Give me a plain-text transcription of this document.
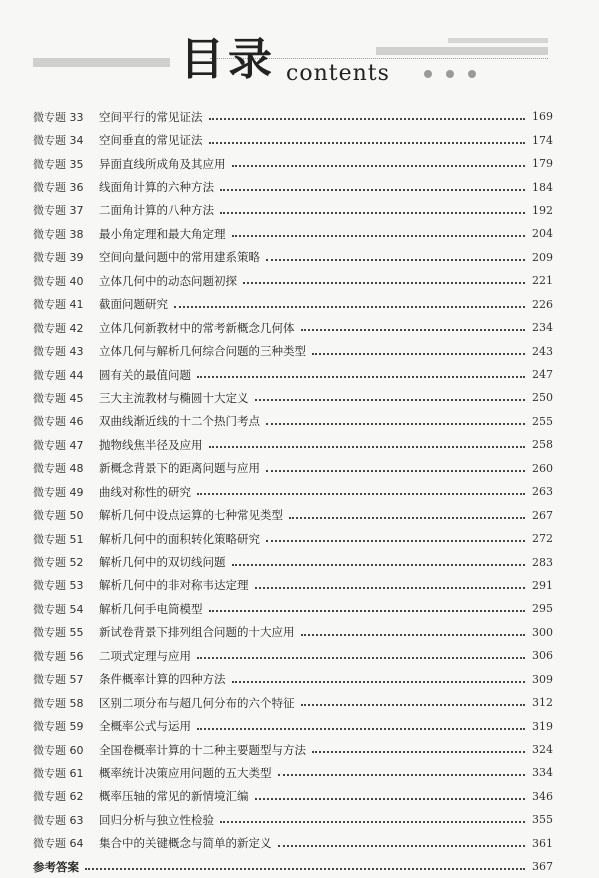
目录 contents
微专题 33	空间平行的常见证法	169
微专题 34	空间垂直的常见证法	174
微专题 35	异面直线所成角及其应用	179
微专题 36	线面角计算的六种方法	184
微专题 37	二面角计算的八种方法	192
微专题 38	最小角定理和最大角定理	204
微专题 39	空间向量问题中的常用建系策略	209
微专题 40	立体几何中的动态问题初探	221
微专题 41	截面问题研究	226
微专题 42	立体几何新教材中的常考新概念几何体	234
微专题 43	立体几何与解析几何综合问题的三种类型	243
微专题 44	圆有关的最值问题	247
微专题 45	三大主流教材与椭圆十大定义	250
微专题 46	双曲线渐近线的十二个热门考点	255
微专题 47	抛物线焦半径及应用	258
微专题 48	新概念背景下的距离问题与应用	260
微专题 49	曲线对称性的研究	263
微专题 50	解析几何中设点运算的七种常见类型	267
微专题 51	解析几何中的面积转化策略研究	272
微专题 52	解析几何中的双切线问题	283
微专题 53	解析几何中的非对称韦达定理	291
微专题 54	解析几何手电筒模型	295
微专题 55	新试卷背景下排列组合问题的十大应用	300
微专题 56	二项式定理与应用	306
微专题 57	条件概率计算的四种方法	309
微专题 58	区别二项分布与超几何分布的六个特征	312
微专题 59	全概率公式与运用	319
微专题 60	全国卷概率计算的十二种主要题型与方法	324
微专题 61	概率统计决策应用问题的五大类型	334
微专题 62	概率压轴的常见的新情境汇编	346
微专题 63	回归分析与独立性检验	355
微专题 64	集合中的关键概念与简单的新定义	361
参考答案	367
